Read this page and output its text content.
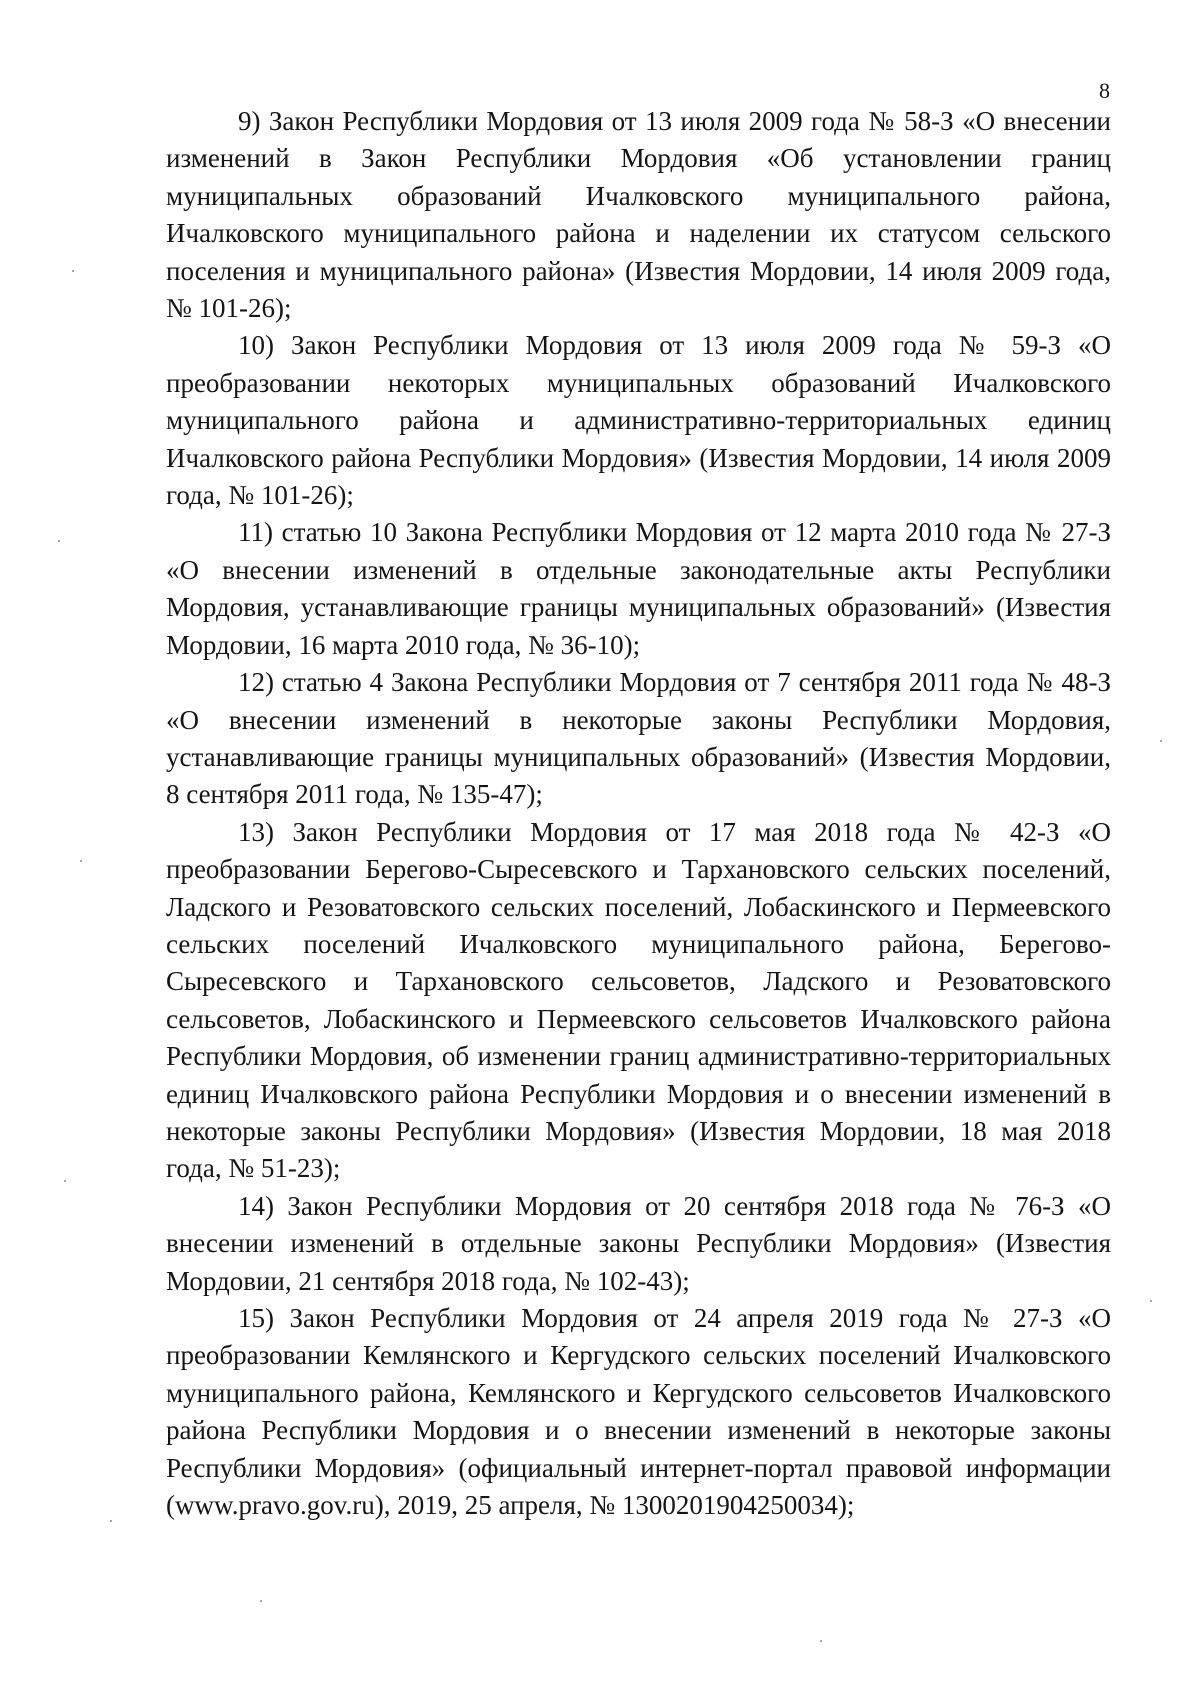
8

9) Закон Республики Мордовия от 13 июля 2009 года № 58-З «О внесении изменений в Закон Республики Мордовия «Об установлении границ муниципальных образований Ичалковского муниципального района, Ичалковского муниципального района и наделении их статусом сельского поселения и муниципального района» (Известия Мордовии, 14 июля 2009 года, № 101-26);

10) Закон Республики Мордовия от 13 июля 2009 года № 59-З «О преобразовании некоторых муниципальных образований Ичалковского муниципального района и административно-территориальных единиц Ичалковского района Республики Мордовия» (Известия Мордовии, 14 июля 2009 года, № 101-26);

11) статью 10 Закона Республики Мордовия от 12 марта 2010 года № 27-З «О внесении изменений в отдельные законодательные акты Республики Мордовия, устанавливающие границы муниципальных образований» (Известия Мордовии, 16 марта 2010 года, № 36-10);

12) статью 4 Закона Республики Мордовия от 7 сентября 2011 года № 48-З «О внесении изменений в некоторые законы Республики Мордовия, устанавливающие границы муниципальных образований» (Известия Мордовии, 8 сентября 2011 года, № 135-47);

13) Закон Республики Мордовия от 17 мая 2018 года № 42-З «О преобразовании Берегово-Сыресевского и Тархановского сельских поселений, Ладского и Резоватовского сельских поселений, Лобаскинского и Пермеевского сельских поселений Ичалковского муниципального района, Берегово-Сыресевского и Тархановского сельсоветов, Ладского и Резоватовского сельсоветов, Лобаскинского и Пермеевского сельсоветов Ичалковского района Республики Мордовия, об изменении границ административно-территориальных единиц Ичалковского района Республики Мордовия и о внесении изменений в некоторые законы Республики Мордовия» (Известия Мордовии, 18 мая 2018 года, № 51-23);

14) Закон Республики Мордовия от 20 сентября 2018 года № 76-З «О внесении изменений в отдельные законы Республики Мордовия» (Известия Мордовии, 21 сентября 2018 года, № 102-43);

15) Закон Республики Мордовия от 24 апреля 2019 года № 27-З «О преобразовании Кемлянского и Кергудского сельских поселений Ичалковского муниципального района, Кемлянского и Кергудского сельсоветов Ичалковского района Республики Мордовия и о внесении изменений в некоторые законы Республики Мордовия» (официальный интернет-портал правовой информации (www.pravo.gov.ru), 2019, 25 апреля, № 1300201904250034);
